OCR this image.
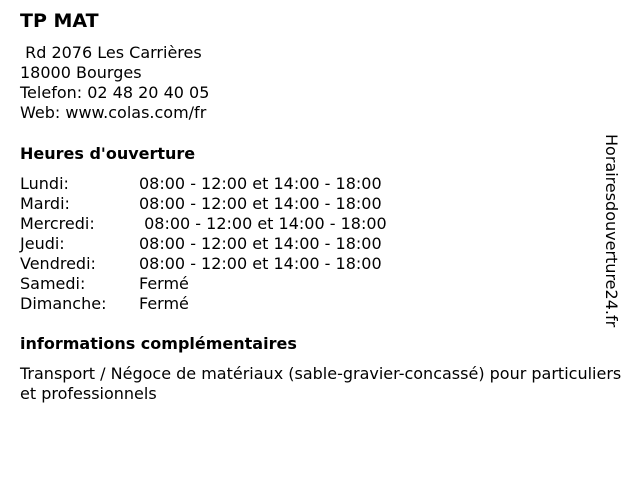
TP MAT
Rd 2076 Les Carrières
18000 Bourges
Telefon: 02 48 20 40 05
Web: www.colas.com/fr
Heures d'ouverture
Lundi:	08:00 - 12:00 et 14:00 - 18:00
Mardi:	08:00 - 12:00 et 14:00 - 18:00
Mercredi:	08:00 - 12:00 et 14:00 - 18:00
Jeudi:	08:00 - 12:00 et 14:00 - 18:00
Vendredi:	08:00 - 12:00 et 14:00 - 18:00
Samedi:	Fermé
Dimanche: Fermé
informations complémentaires
Transport / Négoce de matériaux (sable-gravier-concassé) pour particuliers et professionnels
Horairesdouverture24.fr
